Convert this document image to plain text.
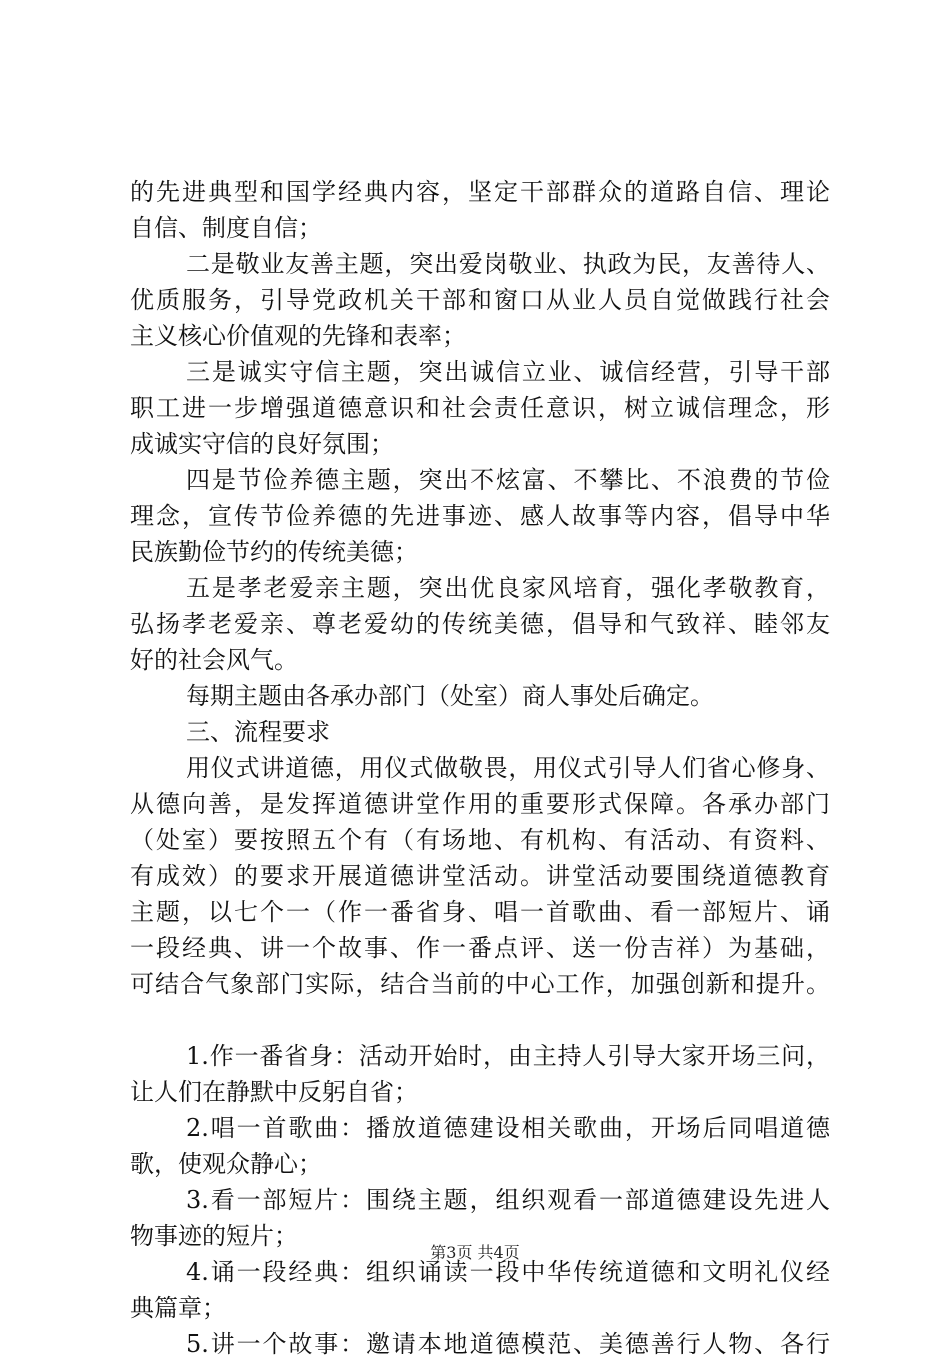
的先进典型和国学经典内容，坚定干部群众的道路自信、理论
自信、制度自信；
二是敬业友善主题，突出爱岗敬业、执政为民，友善待人、
优质服务，引导党政机关干部和窗口从业人员自觉做践行社会
主义核心价值观的先锋和表率；
三是诚实守信主题，突出诚信立业、诚信经营，引导干部
职工进一步增强道德意识和社会责任意识，树立诚信理念，形
成诚实守信的良好氛围；
四是节俭养德主题，突出不炫富、不攀比、不浪费的节俭
理念，宣传节俭养德的先进事迹、感人故事等内容，倡导中华
民族勤俭节约的传统美德；
五是孝老爱亲主题，突出优良家风培育，强化孝敬教育，
弘扬孝老爱亲、尊老爱幼的传统美德，倡导和气致祥、睦邻友
好的社会风气。
每期主题由各承办部门（处室）商人事处后确定。
三、流程要求
用仪式讲道德，用仪式做敬畏，用仪式引导人们省心修身、
从德向善，是发挥道德讲堂作用的重要形式保障。各承办部门
（处室）要按照五个有（有场地、有机构、有活动、有资料、
有成效）的要求开展道德讲堂活动。讲堂活动要围绕道德教育
主题，以七个一（作一番省身、唱一首歌曲、看一部短片、诵
一段经典、讲一个故事、作一番点评、送一份吉祥）为基础，
可结合气象部门实际，结合当前的中心工作，加强创新和提升。
1.作一番省身：活动开始时，由主持人引导大家开场三问，
让人们在静默中反躬自省；
2.唱一首歌曲：播放道德建设相关歌曲，开场后同唱道德
歌，使观众静心；
3.看一部短片：围绕主题，组织观看一部道德建设先进人
物事迹的短片；
4.诵一段经典：组织诵读一段中华传统道德和文明礼仪经
典篇章；
5.讲一个故事：邀请本地道德模范、美德善行人物、各行
第3页 共4页
